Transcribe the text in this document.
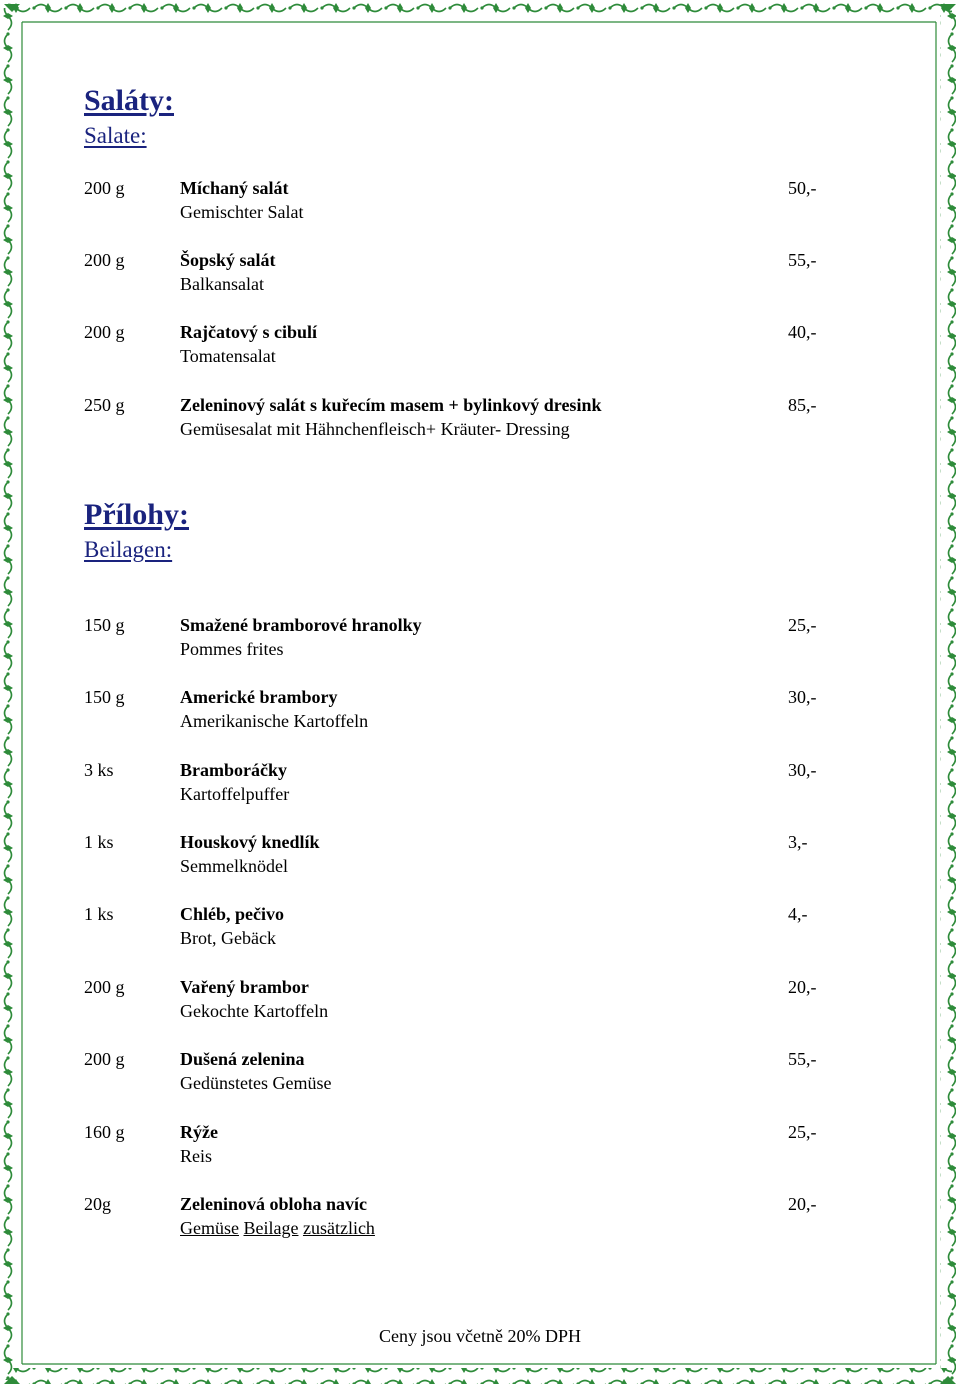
Saláty:
Salate:
200 g	Míchaný salát
Gemischter Salat
50,-
200 g	Šopský salát
Balkansalat
55,-
200 g	Rajčatový s cibulí
Tomatensalat
40,-
250 g	Zeleninový salát s kuřecím masem + bylinkový dresink
Gemüsesalat mit Hähnchenfleisch+ Kräuter- Dressing
85,-
Přílohy:
Beilagen:
150 g	Smažené bramborové hranolky
Pommes frites
25,-
150 g	Americké brambory
Amerikanische Kartoffeln
30,-
3 ks	Bramboráčky
Kartoffelpuffer
30,-
1 ks	Houskový knedlík
Semmelknödel
3,-
1 ks	Chléb, pečivo
Brot, Gebäck
4,-
200 g	Vařený brambor
Gekochte Kartoffeln
20,-
200 g	Dušená zelenina
Gedünstetes Gemüse
55,-
160 g	Rýže
Reis
25,-
20g	Zeleninová obloha navíc
Gemüse Beilage zusätzlich
20,-
Ceny jsou včetně 20% DPH
